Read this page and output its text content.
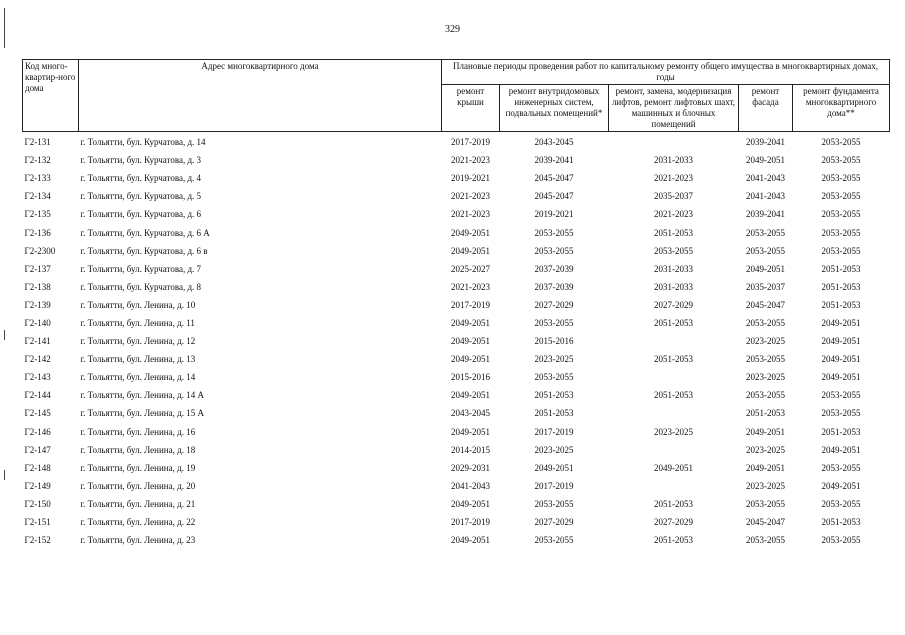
329
Код много-квартир-ного дома	Адрес многоквартирного дома	Плановые периоды проведения работ по капитальному ремонту общего имущества в многоквартирных домах, годы				
		ремонт крыши	ремонт внутридомовых инженерных систем, подвальных помещений*	ремонт, замена, модернизация лифтов, ремонт лифтовых шахт, машинных и блочных помещений	ремонт фасада	ремонт фундамента многоквартирного дома**
Г2-131	г. Тольятти, бул. Курчатова, д. 14	2017-2019	2043-2045		2039-2041	2053-2055
Г2-132	г. Тольятти, бул. Курчатова, д. 3	2021-2023	2039-2041	2031-2033	2049-2051	2053-2055
Г2-133	г. Тольятти, бул. Курчатова, д. 4	2019-2021	2045-2047	2021-2023	2041-2043	2053-2055
Г2-134	г. Тольятти, бул. Курчатова, д. 5	2021-2023	2045-2047	2035-2037	2041-2043	2053-2055
Г2-135	г. Тольятти, бул. Курчатова, д. 6	2021-2023	2019-2021	2021-2023	2039-2041	2053-2055
Г2-136	г. Тольятти, бул. Курчатова, д. 6 А	2049-2051	2053-2055	2051-2053	2053-2055	2053-2055
Г2-2300	г. Тольятти, бул. Курчатова, д. 6 в	2049-2051	2053-2055	2053-2055	2053-2055	2053-2055
Г2-137	г. Тольятти, бул. Курчатова, д. 7	2025-2027	2037-2039	2031-2033	2049-2051	2051-2053
Г2-138	г. Тольятти, бул. Курчатова, д. 8	2021-2023	2037-2039	2031-2033	2035-2037	2051-2053
Г2-139	г. Тольятти, бул. Ленина, д. 10	2017-2019	2027-2029	2027-2029	2045-2047	2051-2053
Г2-140	г. Тольятти, бул. Ленина, д. 11	2049-2051	2053-2055	2051-2053	2053-2055	2049-2051
Г2-141	г. Тольятти, бул. Ленина, д. 12	2049-2051	2015-2016		2023-2025	2049-2051
Г2-142	г. Тольятти, бул. Ленина, д. 13	2049-2051	2023-2025	2051-2053	2053-2055	2049-2051
Г2-143	г. Тольятти, бул. Ленина, д. 14	2015-2016	2053-2055		2023-2025	2049-2051
Г2-144	г. Тольятти, бул. Ленина, д. 14 А	2049-2051	2051-2053	2051-2053	2053-2055	2053-2055
Г2-145	г. Тольятти, бул. Ленина, д. 15 А	2043-2045	2051-2053		2051-2053	2053-2055
Г2-146	г. Тольятти, бул. Ленина, д. 16	2049-2051	2017-2019	2023-2025	2049-2051	2051-2053
Г2-147	г. Тольятти, бул. Ленина, д. 18	2014-2015	2023-2025		2023-2025	2049-2051
Г2-148	г. Тольятти, бул. Ленина, д. 19	2029-2031	2049-2051	2049-2051	2049-2051	2053-2055
Г2-149	г. Тольятти, бул. Ленина, д. 20	2041-2043	2017-2019		2023-2025	2049-2051
Г2-150	г. Тольятти, бул. Ленина, д. 21	2049-2051	2053-2055	2051-2053	2053-2055	2053-2055
Г2-151	г. Тольятти, бул. Ленина, д. 22	2017-2019	2027-2029	2027-2029	2045-2047	2051-2053
Г2-152	г. Тольятти, бул. Ленина, д. 23	2049-2051	2053-2055	2051-2053	2053-2055	2053-2055
